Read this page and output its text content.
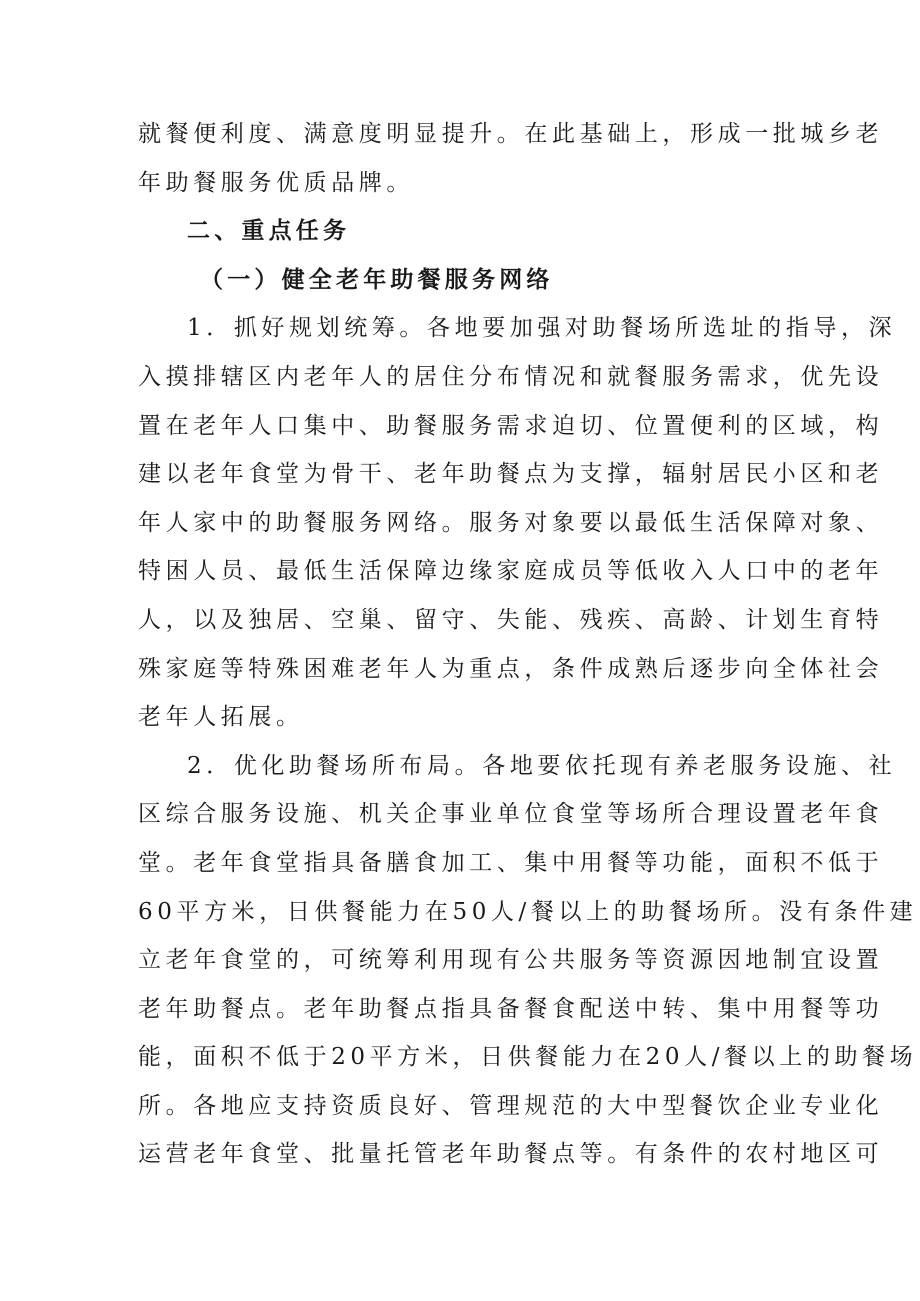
就餐便利度、满意度明显提升。在此基础上，形成一批城乡老
年助餐服务优质品牌。
二、重点任务
（一）健全老年助餐服务网络
1．抓好规划统筹。各地要加强对助餐场所选址的指导，深
入摸排辖区内老年人的居住分布情况和就餐服务需求，优先设
置在老年人口集中、助餐服务需求迫切、位置便利的区域，构
建以老年食堂为骨干、老年助餐点为支撑，辐射居民小区和老
年人家中的助餐服务网络。服务对象要以最低生活保障对象、
特困人员、最低生活保障边缘家庭成员等低收入人口中的老年
人，以及独居、空巢、留守、失能、残疾、高龄、计划生育特
殊家庭等特殊困难老年人为重点，条件成熟后逐步向全体社会
老年人拓展。
2．优化助餐场所布局。各地要依托现有养老服务设施、社
区综合服务设施、机关企事业单位食堂等场所合理设置老年食
堂。老年食堂指具备膳食加工、集中用餐等功能，面积不低于
60平方米，日供餐能力在50人/餐以上的助餐场所。没有条件建
立老年食堂的，可统筹利用现有公共服务等资源因地制宜设置
老年助餐点。老年助餐点指具备餐食配送中转、集中用餐等功
能，面积不低于20平方米，日供餐能力在20人/餐以上的助餐场
所。各地应支持资质良好、管理规范的大中型餐饮企业专业化
运营老年食堂、批量托管老年助餐点等。有条件的农村地区可
